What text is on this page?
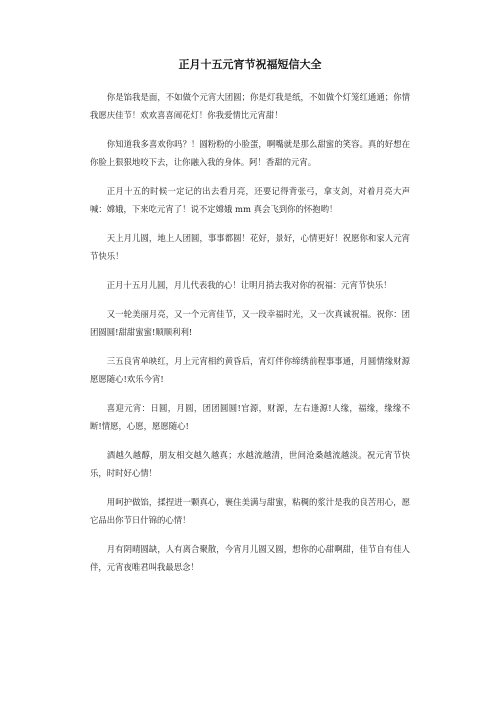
正月十五元宵节祝福短信大全

你是馅我是面，不如做个元宵大团圆；你是灯我是纸，不如做个灯笼红通通；你情我愿庆佳节！欢欢喜喜闹花灯！你我爱情比元宵甜！

你知道我多喜欢你吗？！圆粉粉的小脸蛋，啊嘴就是那么甜蜜的笑容。真的好想在你脸上狠狠地咬下去，让你融入我的身体。阿！香甜的元宵。

正月十五的时候一定记的出去看月亮，还要记得背张弓，拿支剑，对着月亮大声喊：嫦娥，下来吃元宵了！说不定嫦娥 mm 真会飞到你的怀抱哟！

天上月儿圆，地上人团圆，事事都圆！花好，景好，心情更好！祝愿你和家人元宵节快乐！

正月十五月儿圆，月儿代表我的心！让明月捎去我对你的祝福：元宵节快乐！

又一轮美丽月亮，又一个元宵佳节，又一段幸福时光，又一次真诚祝福。祝你：团团圆圆!甜甜蜜蜜!顺顺利利!

三五良宵单映红，月上元宵相约黄昏后，宵灯伴你缔绣前程事事通，月圆情缘财源愿愿随心!欢乐今宵!

喜迎元宵：日圆，月圆，团团圆圆!官源，财源，左右逢源!人缘，福缘，缘缘不断!情愿，心愿，愿愿随心!

酒越久越醇，朋友相交越久越真；水越流越清，世间沧桑越流越淡。祝元宵节快乐，时时好心情！

用呵护做馅，揉捏进一颗真心，裹住美满与甜蜜，粘稠的浆汁是我的良苦用心，愿它品出你节日什锦的心情！

月有阴晴圆缺，人有离合聚散，今宵月儿圆又圆，想你的心甜啊甜，佳节自有佳人伴，元宵夜唯君叫我最思念！
